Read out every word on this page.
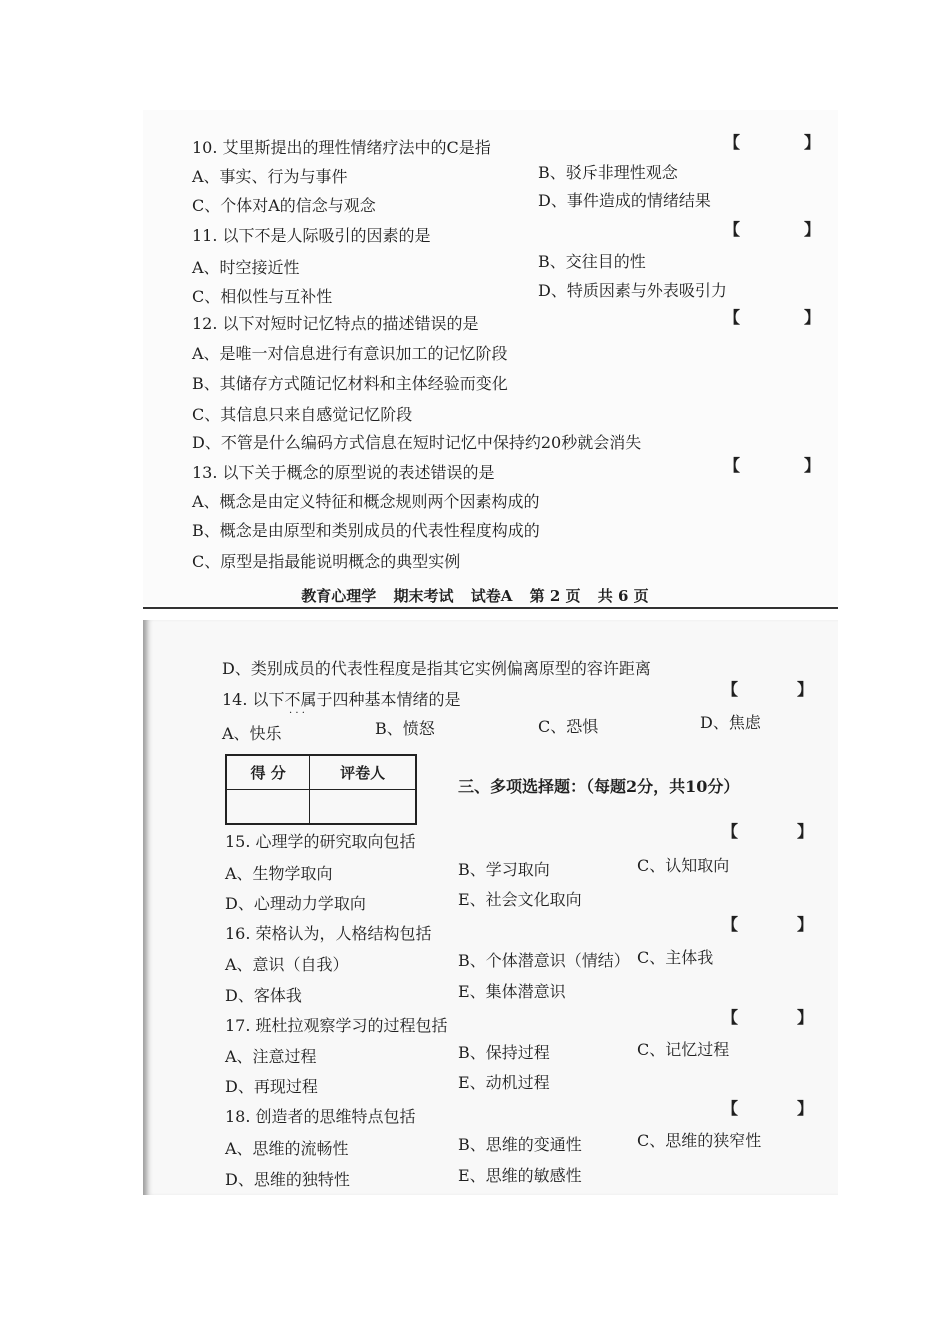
10. 艾里斯提出的理性情绪疗法中的C是指	【	】
A、事实、行为与事件	B、驳斥非理性观念
C、个体对A的信念与观念	D、事件造成的情绪结果
11. 以下不是人际吸引的因素的是	【	】
A、时空接近性	B、交往目的性
C、相似性与互补性	D、特质因素与外表吸引力
12. 以下对短时记忆特点的描述错误的是	【	】
A、是唯一对信息进行有意识加工的记忆阶段
B、其储存方式随记忆材料和主体经验而变化
C、其信息只来自感觉记忆阶段
D、不管是什么编码方式信息在短时记忆中保持约20秒就会消失
13. 以下关于概念的原型说的表述错误的是	【	】
A、概念是由定义特征和概念规则两个因素构成的
B、概念是由原型和类别成员的代表性程度构成的
C、原型是指最能说明概念的典型实例
教育心理学 期末考试 试卷A 第 2 页 共 6 页
D、类别成员的代表性程度是指其它实例偏离原型的容许距离
14. 以下不属于四种基本情绪的是
· · ·
【	】
A、快乐	B、愤怒	C、恐惧	D、焦虑
得 分	评卷人

三、多项选择题：（每题2分，共10分）
15. 心理学的研究取向包括
【	】
A、生物学取向	B、学习取向	C、认知取向
D、心理动力学取向	E、社会文化取向
16. 荣格认为，人格结构包括	【	】
A、意识（自我）	B、个体潜意识（情结） C、主体我
D、客体我	E、集体潜意识
17. 班杜拉观察学习的过程包括	【	】
A、注意过程	B、保持过程	C、记忆过程
D、再现过程	E、动机过程
18. 创造者的思维特点包括	【	】
A、思维的流畅性	B、思维的变通性	C、思维的狭窄性
D、思维的独特性	E、思维的敏感性
